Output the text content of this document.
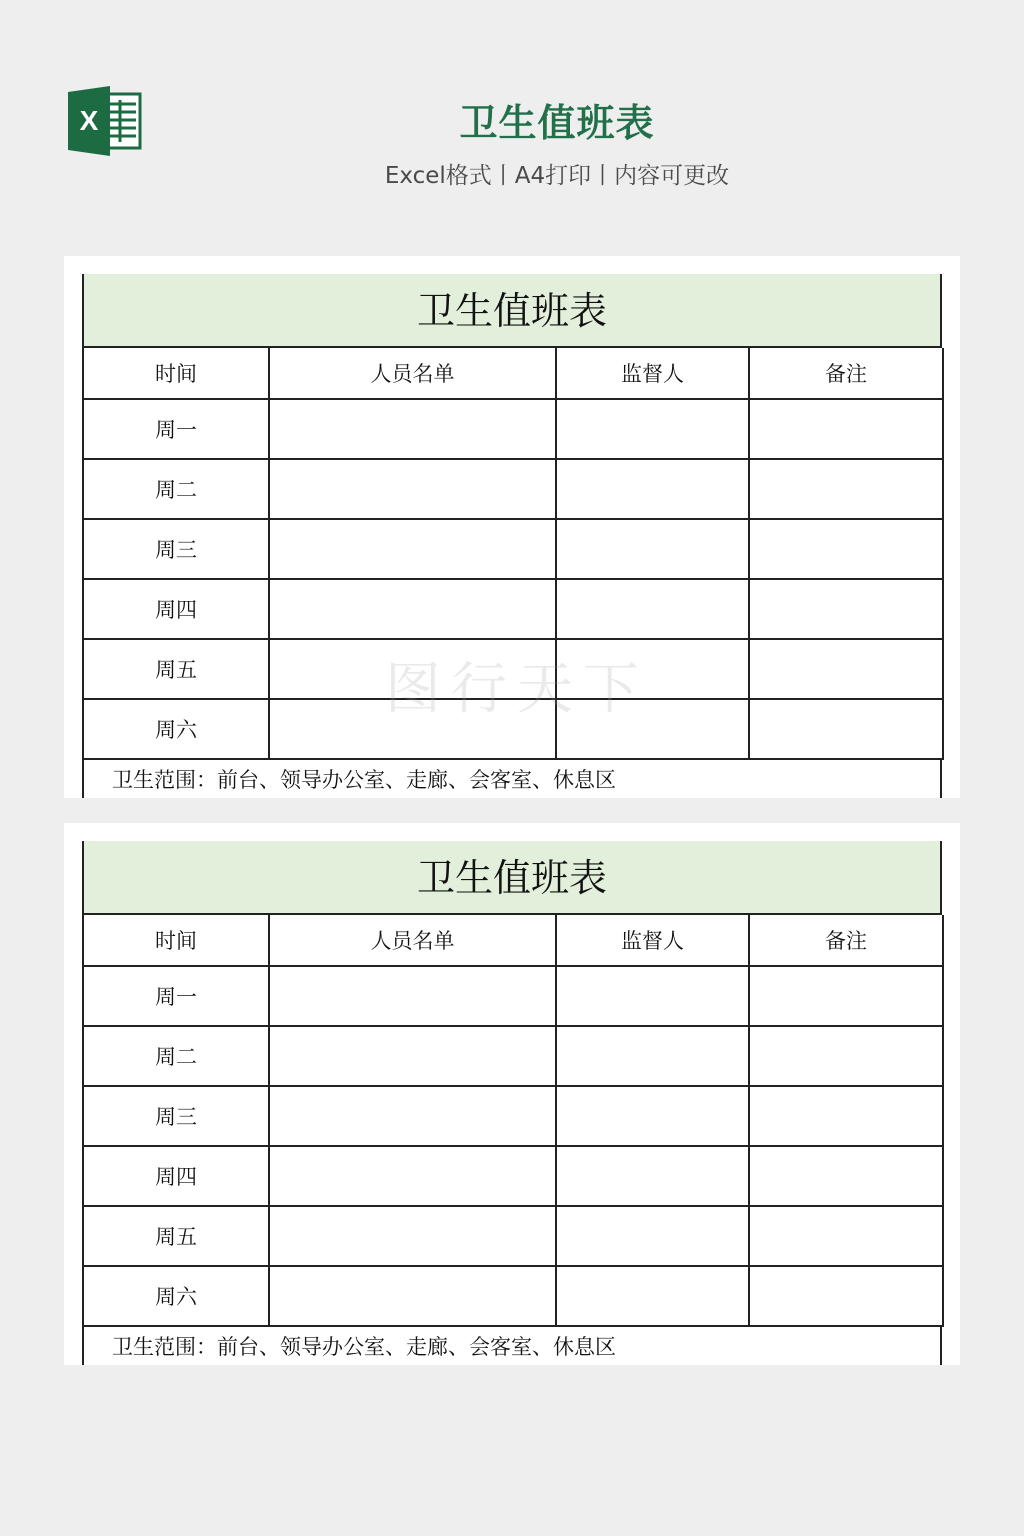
X	卫生值班表
Excel格式丨A4打印丨内容可更改
卫生值班表
时间	人员名单	监督人	备注
周一			
周二			
周三			
周四			
周五			
周六			
卫生范围：前台、领导办公室、走廊、会客室、休息区
卫生值班表
时间	人员名单	监督人	备注
周一			
周二			
周三			
周四			
周五			
周六			
卫生范围：前台、领导办公室、走廊、会客室、休息区
图行天下
